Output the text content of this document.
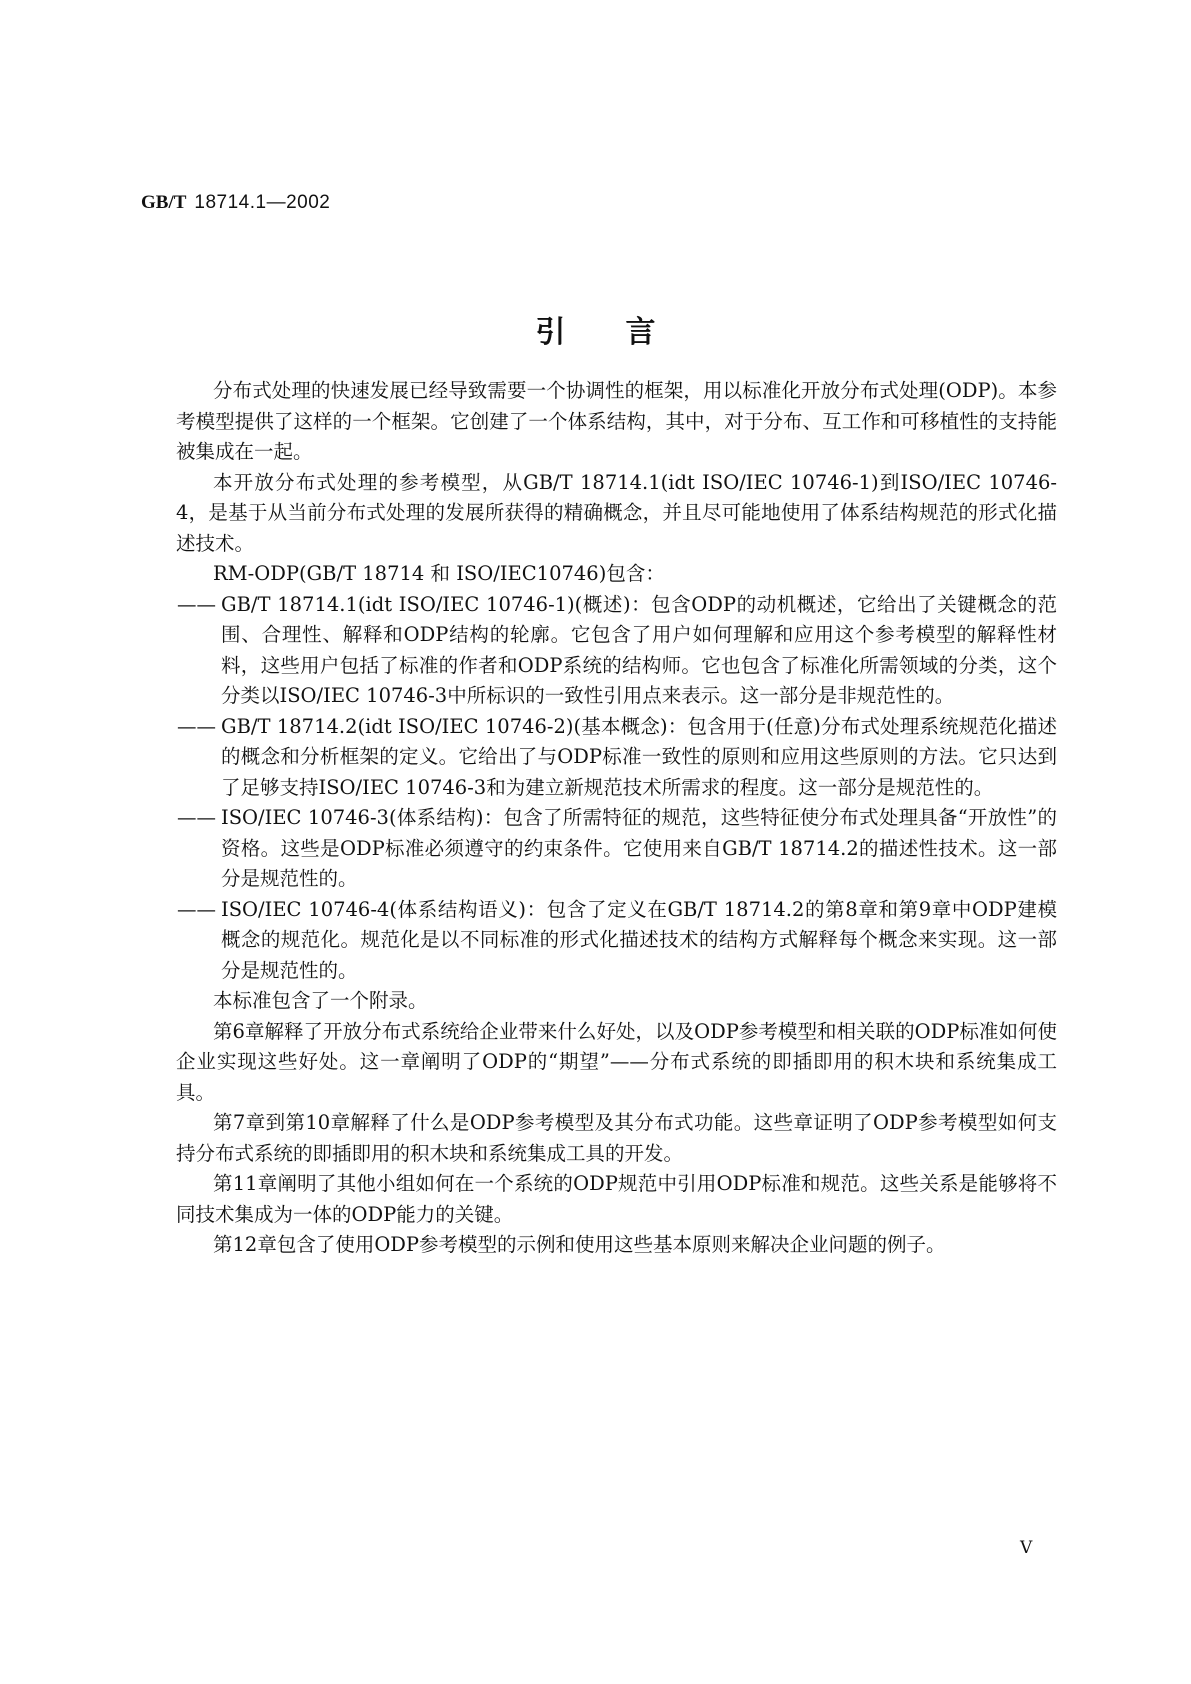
GB/T 18714.1—2002
引言

分布式处理的快速发展已经导致需要一个协调性的框架，用以标准化开放分布式处理(ODP)。本参考模型提供了这样的一个框架。它创建了一个体系结构，其中，对于分布、互工作和可移植性的支持能被集成在一起。

本开放分布式处理的参考模型，从GB/T 18714.1(idt ISO/IEC 10746-1)到ISO/IEC 10746-4，是基于从当前分布式处理的发展所获得的精确概念，并且尽可能地使用了体系结构规范的形式化描述技术。

RM-ODP(GB/T 18714 和 ISO/IEC10746)包含：

—— GB/T 18714.1(idt ISO/IEC 10746-1)(概述)：包含ODP的动机概述，它给出了关键概念的范围、合理性、解释和ODP结构的轮廓。它包含了用户如何理解和应用这个参考模型的解释性材料，这些用户包括了标准的作者和ODP系统的结构师。它也包含了标准化所需领域的分类，这个分类以ISO/IEC 10746-3中所标识的一致性引用点来表示。这一部分是非规范性的。
—— GB/T 18714.2(idt ISO/IEC 10746-2)(基本概念)：包含用于(任意)分布式处理系统规范化描述的概念和分析框架的定义。它给出了与ODP标准一致性的原则和应用这些原则的方法。它只达到了足够支持ISO/IEC 10746-3和为建立新规范技术所需求的程度。这一部分是规范性的。
—— ISO/IEC 10746-3(体系结构)：包含了所需特征的规范，这些特征使分布式处理具备“开放性”的资格。这些是ODP标准必须遵守的约束条件。它使用来自GB/T 18714.2的描述性技术。这一部分是规范性的。
—— ISO/IEC 10746-4(体系结构语义)：包含了定义在GB/T 18714.2的第8章和第9章中ODP建模概念的规范化。规范化是以不同标准的形式化描述技术的结构方式解释每个概念来实现。这一部分是规范性的。

本标准包含了一个附录。

第6章解释了开放分布式系统给企业带来什么好处，以及ODP参考模型和相关联的ODP标准如何使企业实现这些好处。这一章阐明了ODP的“期望”——分布式系统的即插即用的积木块和系统集成工具。

第7章到第10章解释了什么是ODP参考模型及其分布式功能。这些章证明了ODP参考模型如何支持分布式系统的即插即用的积木块和系统集成工具的开发。

第11章阐明了其他小组如何在一个系统的ODP规范中引用ODP标准和规范。这些关系是能够将不同技术集成为一体的ODP能力的关键。

第12章包含了使用ODP参考模型的示例和使用这些基本原则来解决企业问题的例子。

Ⅴ
